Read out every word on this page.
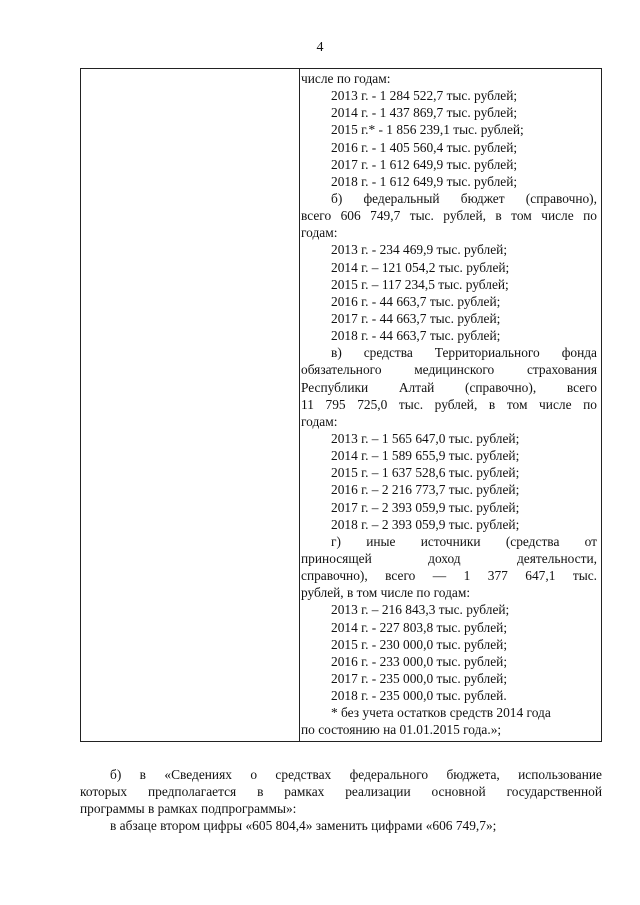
4
числе по годам:
2013 г. - 1 284 522,7 тыс. рублей;
2014 г. - 1 437 869,7 тыс. рублей;
2015 г.* - 1 856 239,1 тыс. рублей;
2016 г. - 1 405 560,4 тыс. рублей;
2017 г. - 1 612 649,9 тыс. рублей;
2018 г. - 1 612 649,9 тыс. рублей;
б) федеральный бюджет (справочно),
всего 606 749,7 тыс. рублей, в том числе по
годам:
2013 г. - 234 469,9 тыс. рублей;
2014 г. – 121 054,2 тыс. рублей;
2015 г. – 117 234,5 тыс. рублей;
2016 г. - 44 663,7 тыс. рублей;
2017 г. - 44 663,7 тыс. рублей;
2018 г. - 44 663,7 тыс. рублей;
в) средства Территориального фонда
обязательного медицинского страхования
Республики Алтай (справочно), всего
11 795 725,0 тыс. рублей, в том числе по
годам:
2013 г. – 1 565 647,0 тыс. рублей;
2014 г. – 1 589 655,9 тыс. рублей;
2015 г. – 1 637 528,6 тыс. рублей;
2016 г. – 2 216 773,7 тыс. рублей;
2017 г. – 2 393 059,9 тыс. рублей;
2018 г. – 2 393 059,9 тыс. рублей;
г) иные источники (средства от
приносящей доход деятельности,
справочно), всего — 1 377 647,1 тыс.
рублей, в том числе по годам:
2013 г. – 216 843,3 тыс. рублей;
2014 г. - 227 803,8 тыс. рублей;
2015 г. - 230 000,0 тыс. рублей;
2016 г. - 233 000,0 тыс. рублей;
2017 г. - 235 000,0 тыс. рублей;
2018 г. - 235 000,0 тыс. рублей.
* без учета остатков средств 2014 года
по состоянию на 01.01.2015 года.»;
б) в «Сведениях о средствах федерального бюджета, использование
которых предполагается в рамках реализации основной государственной
программы в рамках подпрограммы»:
в абзаце втором цифры «605 804,4» заменить цифрами «606 749,7»;
